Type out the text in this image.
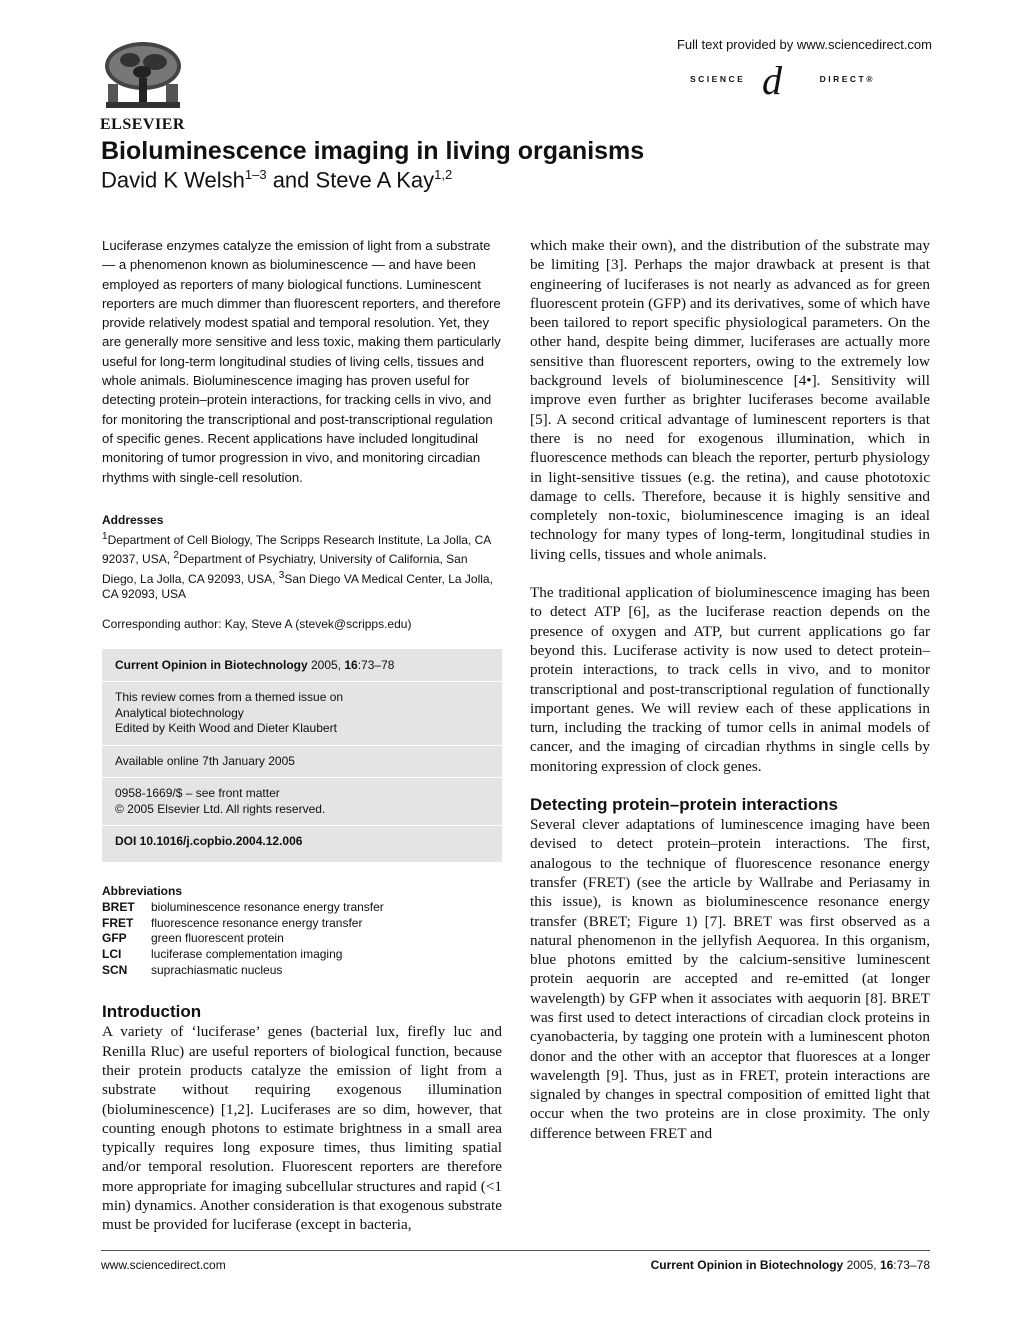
ELSEVIER
Full text provided by www.sciencedirect.com
SCIENCE d	DIRECT®
Bioluminescence imaging in living organisms
David K Welsh$^{1-3}$ and Steve A Kay$^{1,2}$

Luciferase enzymes catalyze the emission of light from a substrate — a phenomenon known as bioluminescence — and have been employed as reporters of many biological functions. Luminescent reporters are much dimmer than fluorescent reporters, and therefore provide relatively modest spatial and temporal resolution. Yet, they are generally more sensitive and less toxic, making them particularly useful for long-term longitudinal studies of living cells, tissues and whole animals. Bioluminescence imaging has proven useful for detecting protein–protein interactions, for tracking cells in vivo, and for monitoring the transcriptional and post-transcriptional regulation of specific genes. Recent applications have included longitudinal monitoring of tumor progression in vivo, and monitoring circadian rhythms with single-cell resolution.

Addresses

$^1$Department of Cell Biology, The Scripps Research Institute, La Jolla, CA 92037, USA, $^2$Department of Psychiatry, University of California, San Diego, La Jolla, CA 92093, USA, $^3$San Diego VA Medical Center, La Jolla, CA 92093, USA

Corresponding author: Kay, Steve A (stevek@scripps.edu)

Current Opinion in Biotechnology 2005, 16:73–78

This review comes from a themed issue on

Analytical biotechnology

Edited by Keith Wood and Dieter Klaubert

Available online 7th January 2005

0958-1669/$ – see front matter

© 2005 Elsevier Ltd. All rights reserved.

DOI 10.1016/j.copbio.2004.12.006

Abbreviations
BRET	bioluminescence resonance energy transfer
FRET	fluorescence resonance energy transfer
GFP	green fluorescent protein
LCI	luciferase complementation imaging
SCN	suprachiasmatic nucleus
Introduction

A variety of ‘luciferase’ genes (bacterial lux, firefly luc and Renilla Rluc) are useful reporters of biological function, because their protein products catalyze the emission of light from a substrate without requiring exogenous illumination (bioluminescence) [1,2]. Luciferases are so dim, however, that counting enough photons to estimate brightness in a small area typically requires long exposure times, thus limiting spatial and/or temporal resolution. Fluorescent reporters are therefore more appropriate for imaging subcellular structures and rapid (<1 min) dynamics. Another consideration is that exogenous substrate must be provided for luciferase (except in bacteria,

which make their own), and the distribution of the substrate may be limiting [3]. Perhaps the major drawback at present is that engineering of luciferases is not nearly as advanced as for green fluorescent protein (GFP) and its derivatives, some of which have been tailored to report specific physiological parameters. On the other hand, despite being dimmer, luciferases are actually more sensitive than fluorescent reporters, owing to the extremely low background levels of bioluminescence [4•]. Sensitivity will improve even further as brighter luciferases become available [5]. A second critical advantage of luminescent reporters is that there is no need for exogenous illumination, which in fluorescence methods can bleach the reporter, perturb physiology in light-sensitive tissues (e.g. the retina), and cause phototoxic damage to cells. Therefore, because it is highly sensitive and completely non-toxic, bioluminescence imaging is an ideal technology for many types of long-term, longitudinal studies in living cells, tissues and whole animals.

The traditional application of bioluminescence imaging has been to detect ATP [6], as the luciferase reaction depends on the presence of oxygen and ATP, but current applications go far beyond this. Luciferase activity is now used to detect protein–protein interactions, to track cells in vivo, and to monitor transcriptional and post-transcriptional regulation of functionally important genes. We will review each of these applications in turn, including the tracking of tumor cells in animal models of cancer, and the imaging of circadian rhythms in single cells by monitoring expression of clock genes.

Detecting protein–protein interactions

Several clever adaptations of luminescence imaging have been devised to detect protein–protein interactions. The first, analogous to the technique of fluorescence resonance energy transfer (FRET) (see the article by Wallrabe and Periasamy in this issue), is known as bioluminescence resonance energy transfer (BRET; Figure 1) [7]. BRET was first observed as a natural phenomenon in the jellyfish Aequorea. In this organism, blue photons emitted by the calcium-sensitive luminescent protein aequorin are accepted and re-emitted (at longer wavelength) by GFP when it associates with aequorin [8]. BRET was first used to detect interactions of circadian clock proteins in cyanobacteria, by tagging one protein with a luminescent photon donor and the other with an acceptor that fluoresces at a longer wavelength [9]. Thus, just as in FRET, protein interactions are signaled by changes in spectral composition of emitted light that occur when the two proteins are in close proximity. The only difference between FRET and

www.sciencedirect.com	Current Opinion in Biotechnology 2005, 16:73–78
